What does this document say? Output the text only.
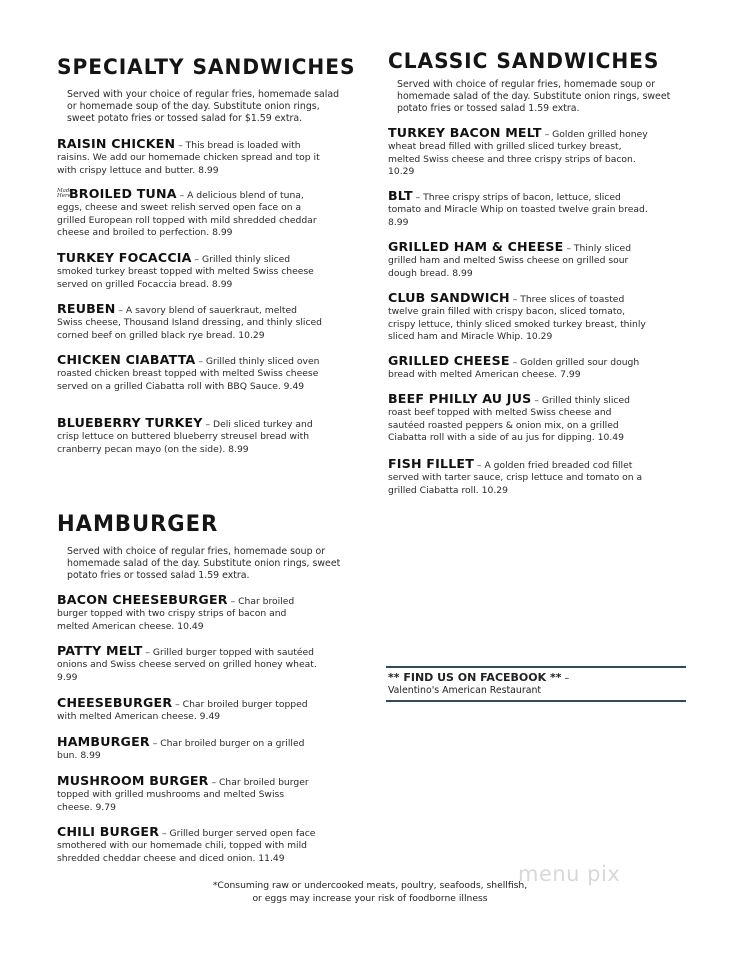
SPECIALTY SANDWICHES
Served with your choice of regular fries, homemade salad or homemade soup of the day. Substitute onion rings, sweet potato fries or tossed salad for $1.59 extra.
RAISIN CHICKEN – This bread is loaded with raisins. We add our homemade chicken spread and top it with crispy lettuce and butter. 8.99
Made HereBROILED TUNA – A delicious blend of tuna, eggs, cheese and sweet relish served open face on a grilled European roll topped with mild shredded cheddar cheese and broiled to perfection. 8.99
TURKEY FOCACCIA – Grilled thinly sliced smoked turkey breast topped with melted Swiss cheese served on grilled Focaccia bread. 8.99
REUBEN – A savory blend of sauerkraut, melted Swiss cheese, Thousand Island dressing, and thinly sliced corned beef on grilled black rye bread. 10.29
CHICKEN CIABATTA – Grilled thinly sliced oven roasted chicken breast topped with melted Swiss cheese served on a grilled Ciabatta roll with BBQ Sauce. 9.49
BLUEBERRY TURKEY – Deli sliced turkey and crisp lettuce on buttered blueberry streusel bread with cranberry pecan mayo (on the side). 8.99
CLASSIC SANDWICHES
Served with choice of regular fries, homemade soup or homemade salad of the day. Substitute onion rings, sweet potato fries or tossed salad 1.59 extra.
TURKEY BACON MELT – Golden grilled honey wheat bread filled with grilled sliced turkey breast, melted Swiss cheese and three crispy strips of bacon. 10.29
BLT – Three crispy strips of bacon, lettuce, sliced tomato and Miracle Whip on toasted twelve grain bread. 8.99
GRILLED HAM & CHEESE – Thinly sliced grilled ham and melted Swiss cheese on grilled sour dough bread. 8.99
CLUB SANDWICH – Three slices of toasted twelve grain filled with crispy bacon, sliced tomato, crispy lettuce, thinly sliced smoked turkey breast, thinly sliced ham and Miracle Whip. 10.29
GRILLED CHEESE – Golden grilled sour dough bread with melted American cheese. 7.99
BEEF PHILLY AU JUS – Grilled thinly sliced roast beef topped with melted Swiss cheese and sautéed roasted peppers & onion mix, on a grilled Ciabatta roll with a side of au jus for dipping. 10.49
FISH FILLET – A golden fried breaded cod fillet served with tarter sauce, crisp lettuce and tomato on a grilled Ciabatta roll. 10.29
HAMBURGER
Served with choice of regular fries, homemade soup or homemade salad of the day. Substitute onion rings, sweet potato fries or tossed salad 1.59 extra.
BACON CHEESEBURGER – Char broiled burger topped with two crispy strips of bacon and melted American cheese. 10.49
PATTY MELT – Grilled burger topped with sautéed onions and Swiss cheese served on grilled honey wheat. 9.99
CHEESEBURGER – Char broiled burger topped with melted American cheese. 9.49
HAMBURGER – Char broiled burger on a grilled bun. 8.99
MUSHROOM BURGER – Char broiled burger topped with grilled mushrooms and melted Swiss cheese. 9.79
CHILI BURGER – Grilled burger served open face smothered with our homemade chili, topped with mild shredded cheddar cheese and diced onion. 11.49
** FIND US ON FACEBOOK ** –
Valentino's American Restaurant
*Consuming raw or undercooked meats, poultry, seafoods, shellfish,
or eggs may increase your risk of foodborne illness
menu pix
